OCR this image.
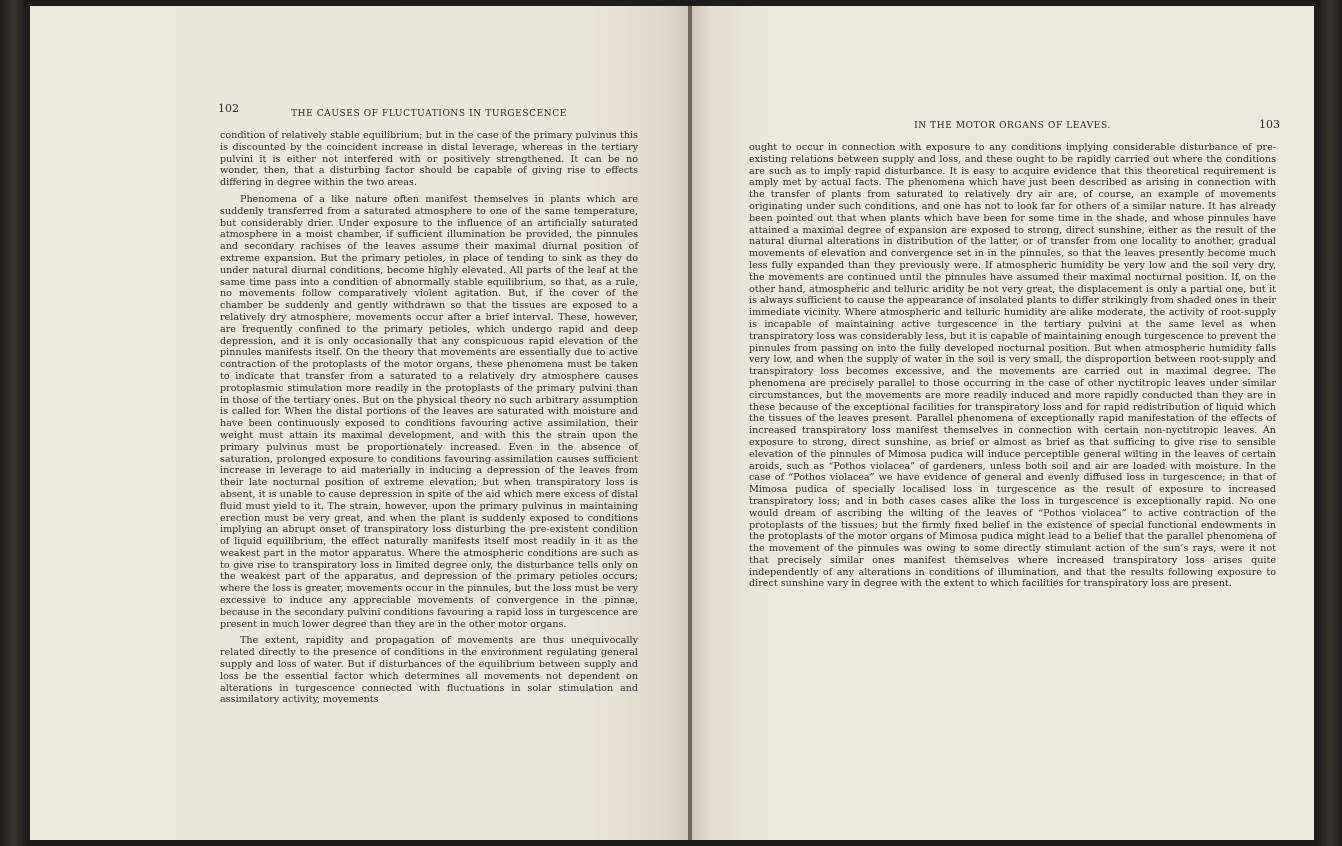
102	THE CAUSES OF FLUCTUATIONS IN TURGESCENCE

condition of relatively stable equilibrium; but in the case of the primary pulvinus this is discounted by the coincident increase in distal leverage, whereas in the tertiary pulvini it is either not interfered with or positively strengthened. It can be no wonder, then, that a disturbing factor should be capable of giving rise to effects differing in degree within the two areas.

Phenomena of a like nature often manifest themselves in plants which are suddenly transferred from a saturated atmosphere to one of the same temperature, but considerably drier. Under exposure to the influence of an artificially saturated atmosphere in a moist chamber, if sufficient illumination be provided, the pinnules and secondary rachises of the leaves assume their maximal diurnal position of extreme expansion. But the primary petioles, in place of tending to sink as they do under natural diurnal conditions, become highly elevated. All parts of the leaf at the same time pass into a condition of abnormally stable equilibrium, so that, as a rule, no movements follow comparatively violent agitation. But, if the cover of the chamber be suddenly and gently withdrawn so that the tissues are exposed to a relatively dry atmosphere, movements occur after a brief interval. These, however, are frequently confined to the primary petioles, which undergo rapid and deep depression, and it is only occasionally that any conspicuous rapid elevation of the pinnules manifests itself. On the theory that movements are essentially due to active contraction of the protoplasts of the motor organs, these phenomena must be taken to indicate that transfer from a saturated to a relatively dry atmosphere causes protoplasmic stimulation more readily in the protoplasts of the primary pulvini than in those of the tertiary ones. But on the physical theory no such arbitrary assumption is called for. When the distal portions of the leaves are saturated with moisture and have been continuously exposed to conditions favouring active assimilation, their weight must attain its maximal development, and with this the strain upon the primary pulvinus must be proportionately increased. Even in the absence of saturation, prolonged exposure to conditions favouring assimilation causes sufficient increase in leverage to aid materially in inducing a depression of the leaves from their late nocturnal position of extreme elevation; but when transpiratory loss is absent, it is unable to cause depression in spite of the aid which mere excess of distal fluid must yield to it. The strain, however, upon the primary pulvinus in maintaining erection must be very great, and when the plant is suddenly exposed to conditions implying an abrupt onset of transpiratory loss disturbing the pre-existent condition of liquid equilibrium, the effect naturally manifests itself most readily in it as the weakest part in the motor apparatus. Where the atmospheric conditions are such as to give rise to transpiratory loss in limited degree only, the disturbance tells only on the weakest part of the apparatus, and depression of the primary petioles occurs; where the loss is greater, movements occur in the pinnules, but the loss must be very excessive to induce any appreciable movements of convergence in the pinnæ, because in the secondary pulvini conditions favouring a rapid loss in turgescence are present in much lower degree than they are in the other motor organs.

The extent, rapidity and propagation of movements are thus unequivocally related directly to the presence of conditions in the environment regulating general supply and loss of water. But if disturbances of the equilibrium between supply and loss be the essential factor which determines all movements not dependent on alterations in turgescence connected with fluctuations in solar stimulation and assimilatory activity, movements

IN THE MOTOR ORGANS OF LEAVES.	103

ought to occur in connection with exposure to any conditions implying considerable disturbance of pre-existing relations between supply and loss, and these ought to be rapidly carried out where the conditions are such as to imply rapid disturbance. It is easy to acquire evidence that this theoretical requirement is amply met by actual facts. The phenomena which have just been described as arising in connection with the transfer of plants from saturated to relatively dry air are, of course, an example of movements originating under such conditions, and one has not to look far for others of a similar nature. It has already been pointed out that when plants which have been for some time in the shade, and whose pinnules have attained a maximal degree of expansion are exposed to strong, direct sunshine, either as the result of the natural diurnal alterations in distribution of the latter, or of transfer from one locality to another, gradual movements of elevation and convergence set in in the pinnules, so that the leaves presently become much less fully expanded than they previously were. If atmospheric humidity be very low and the soil very dry, the movements are continued until the pinnules have assumed their maximal nocturnal position. If, on the other hand, atmospheric and telluric aridity be not very great, the displacement is only a partial one, but it is always sufficient to cause the appearance of insolated plants to differ strikingly from shaded ones in their immediate vicinity. Where atmospheric and telluric humidity are alike moderate, the activity of root-supply is incapable of maintaining active turgescence in the tertiary pulvini at the same level as when transpiratory loss was considerably less, but it is capable of maintaining enough turgescence to prevent the pinnules from passing on into the fully developed nocturnal position. But when atmospheric humidity falls very low, and when the supply of water in the soil is very small, the disproportion between root-supply and transpiratory loss becomes excessive, and the movements are carried out in maximal degree. The phenomena are precisely parallel to those occurring in the case of other nyctitropic leaves under similar circumstances, but the movements are more readily induced and more rapidly conducted than they are in these because of the exceptional facilities for transpiratory loss and for rapid redistribution of liquid which the tissues of the leaves present. Parallel phenomena of exceptionally rapid manifestation of the effects of increased transpiratory loss manifest themselves in connection with certain non-nyctitropic leaves. An exposure to strong, direct sunshine, as brief or almost as brief as that sufficing to give rise to sensible elevation of the pinnules of Mimosa pudica will induce perceptible general wilting in the leaves of certain aroids, such as “Pothos violacea” of gardeners, unless both soil and air are loaded with moisture. In the case of “Pothos violacea” we have evidence of general and evenly diffused loss in turgescence; in that of Mimosa pudica of specially localised loss in turgescence as the result of exposure to increased transpiratory loss; and in both cases cases alike the loss in turgescence is exceptionally rapid. No one would dream of ascribing the wilting of the leaves of “Pothos violacea” to active contraction of the protoplasts of the tissues; but the firmly fixed belief in the existence of special functional endowments in the protoplasts of the motor organs of Mimosa pudica might lead to a belief that the parallel phenomena of the movement of the pinnules was owing to some directly stimulant action of the sun’s rays, were it not that precisely similar ones manifest themselves where increased transpiratory loss arises quite independently of any alterations in conditions of illumination, and that the results following exposure to direct sunshine vary in degree with the extent to which facilities for transpiratory loss are present.
